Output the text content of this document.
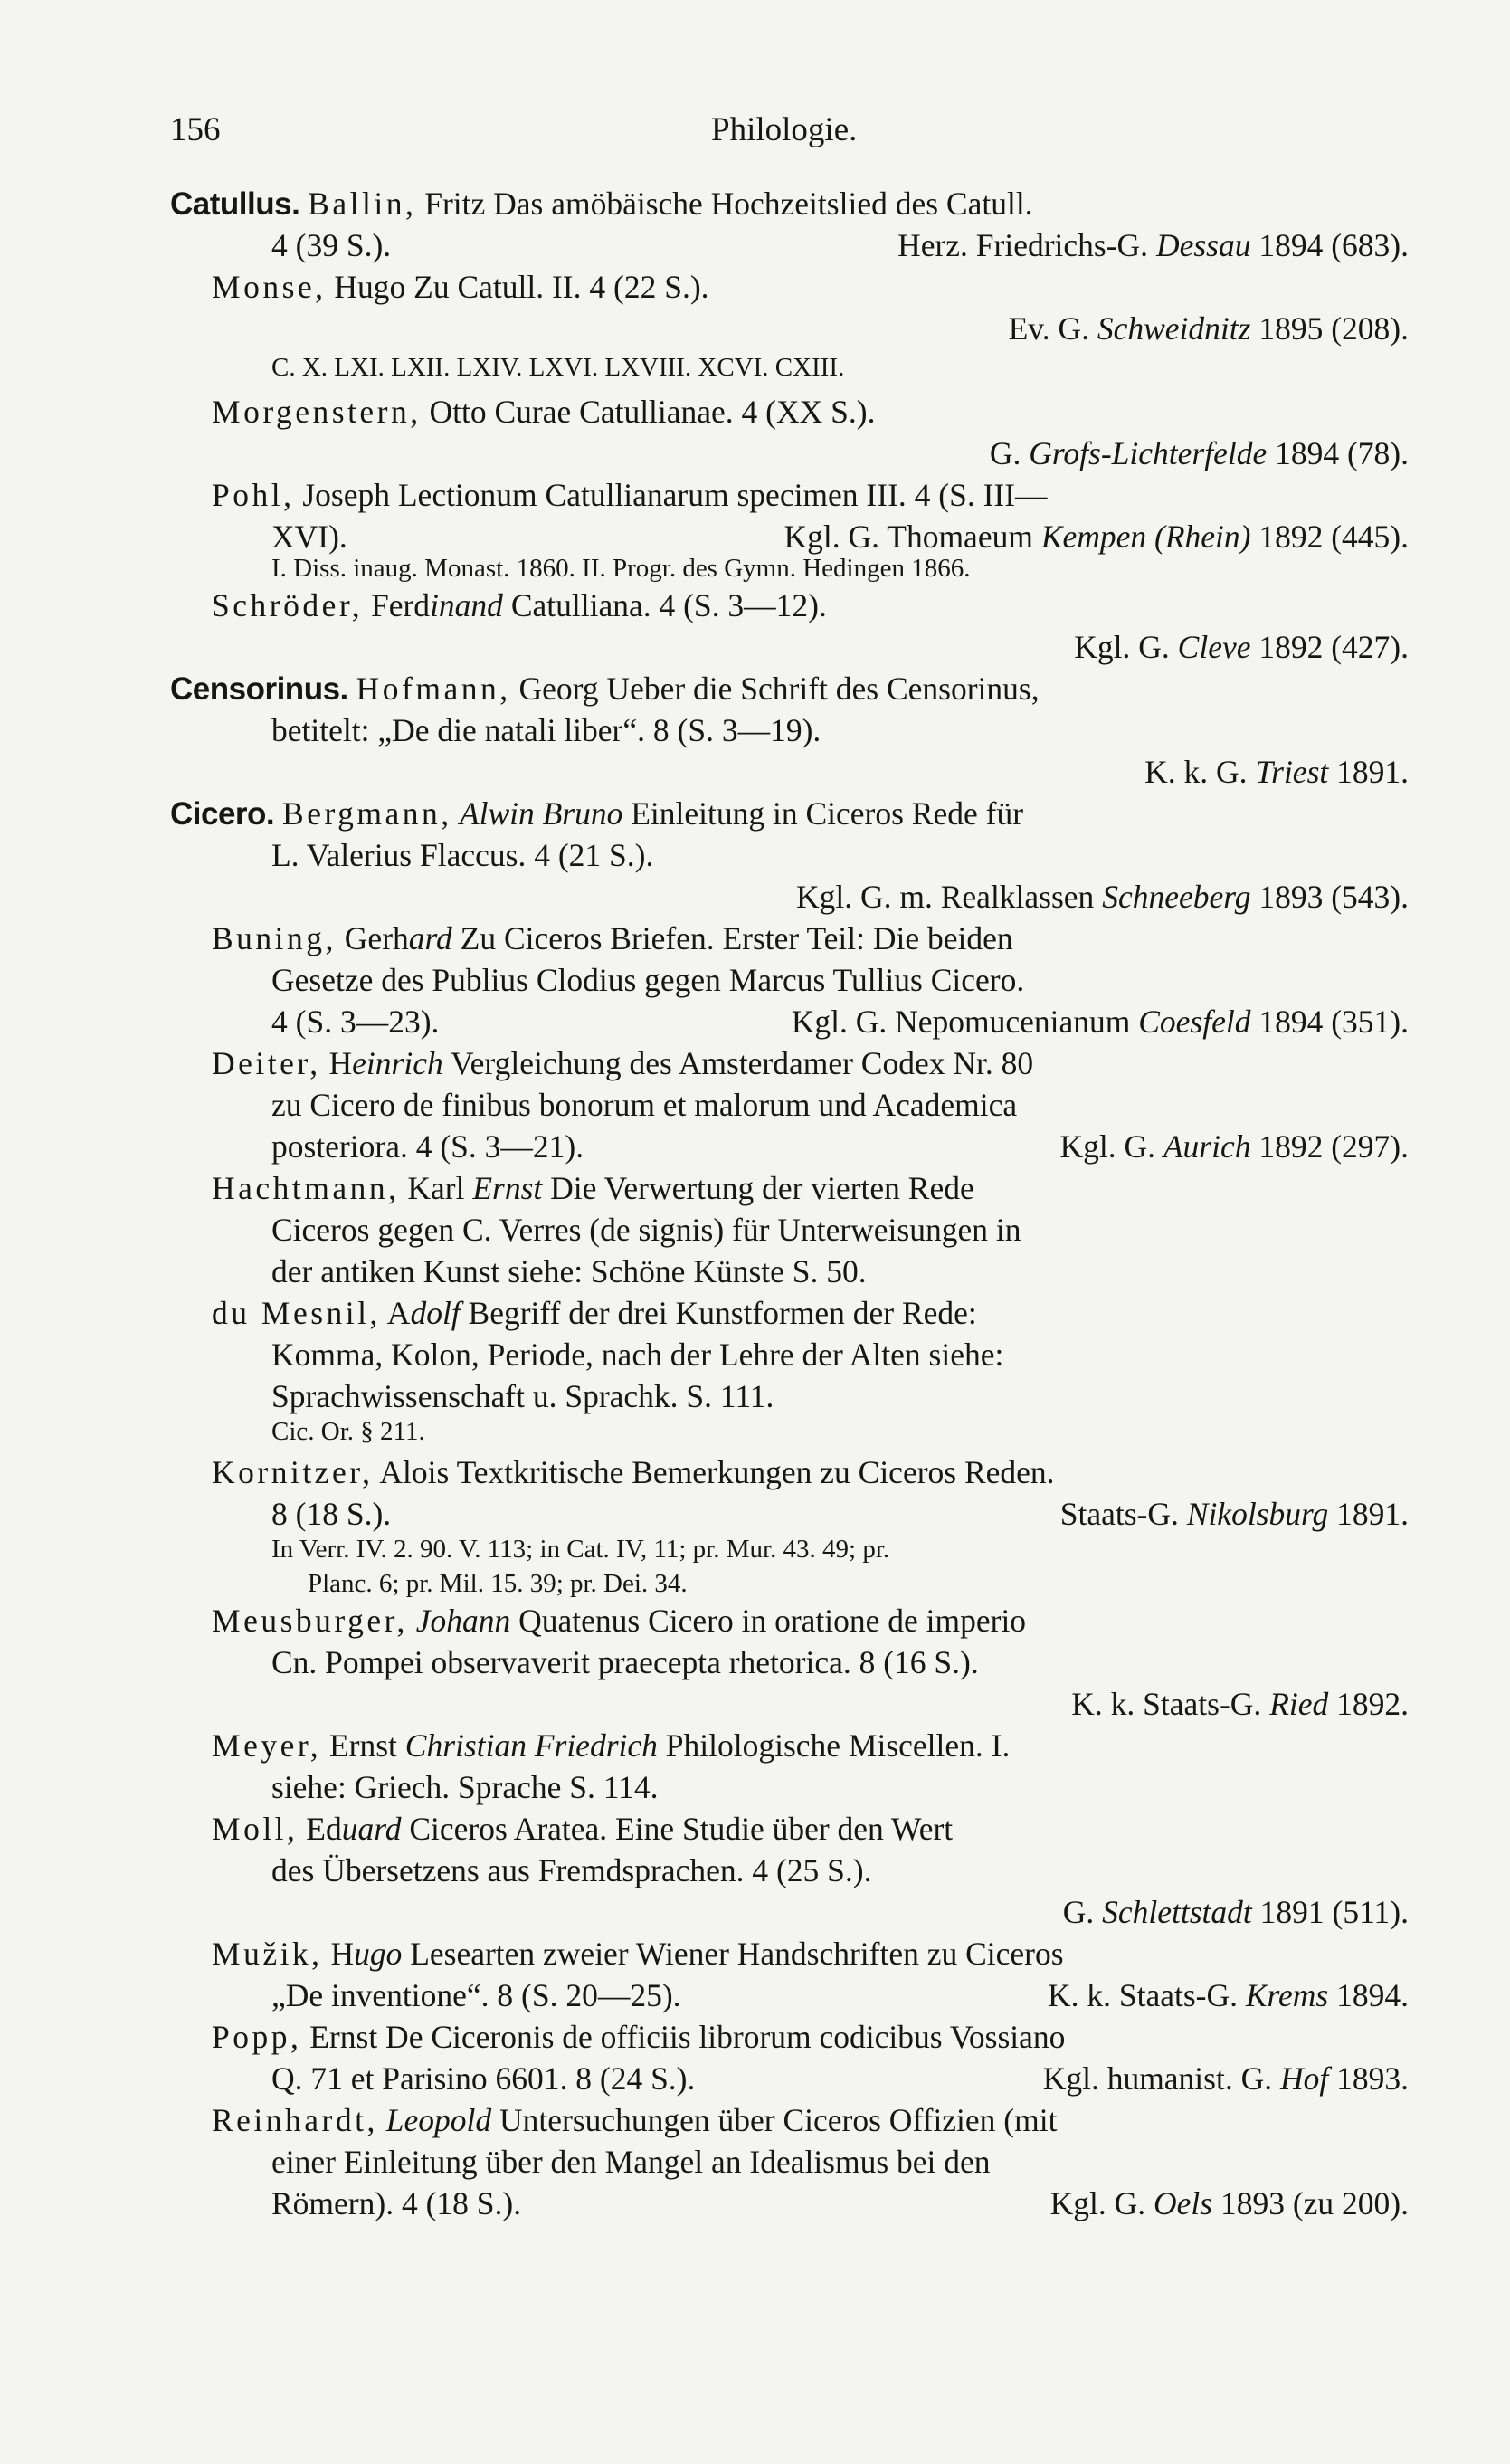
156	Philologie.
Catullus. Ballin, Fritz Das amöbäische Hochzeitslied des Catull.
4 (39 S.).	Herz. Friedrichs-G. Dessau 1894 (683).
Monse, Hugo Zu Catull. II. 4 (22 S.).
Ev. G. Schweidnitz 1895 (208).
C. X. LXI. LXII. LXIV. LXVI. LXVIII. XCVI. CXIII.
Morgenstern, Otto Curae Catullianae. 4 (XX S.).
G. Grofs-Lichterfelde 1894 (78).
Pohl, Joseph Lectionum Catullianarum specimen III. 4 (S. III—
XVI).	Kgl. G. Thomaeum Kempen (Rhein) 1892 (445).
I. Diss. inaug. Monast. 1860. II. Progr. des Gymn. Hedingen 1866.
Schröder, Ferdinand Catulliana. 4 (S. 3—12).
Kgl. G. Cleve 1892 (427).
Censorinus. Hofmann, Georg Ueber die Schrift des Censorinus,
betitelt: „De die natali liber“. 8 (S. 3—19).
K. k. G. Triest 1891.
Cicero. Bergmann, Alwin Bruno Einleitung in Ciceros Rede für
L. Valerius Flaccus. 4 (21 S.).
Kgl. G. m. Realklassen Schneeberg 1893 (543).
Buning, Gerhard Zu Ciceros Briefen. Erster Teil: Die beiden
Gesetze des Publius Clodius gegen Marcus Tullius Cicero.
4 (S. 3—23).	Kgl. G. Nepomucenianum Coesfeld 1894 (351).
Deiter, Heinrich Vergleichung des Amsterdamer Codex Nr. 80
zu Cicero de finibus bonorum et malorum und Academica
posteriora. 4 (S. 3—21).	Kgl. G. Aurich 1892 (297).
Hachtmann, Karl Ernst Die Verwertung der vierten Rede
Ciceros gegen C. Verres (de signis) für Unterweisungen in
der antiken Kunst siehe: Schöne Künste S. 50.
du Mesnil, Adolf Begriff der drei Kunstformen der Rede:
Komma, Kolon, Periode, nach der Lehre der Alten siehe:
Sprachwissenschaft u. Sprachk. S. 111.
Cic. Or. § 211.
Kornitzer, Alois Textkritische Bemerkungen zu Ciceros Reden.
8 (18 S.).	Staats-G. Nikolsburg 1891.
In Verr. IV. 2. 90. V. 113; in Cat. IV, 11; pr. Mur. 43. 49; pr.
Planc. 6; pr. Mil. 15. 39; pr. Dei. 34.
Meusburger, Johann Quatenus Cicero in oratione de imperio
Cn. Pompei observaverit praecepta rhetorica. 8 (16 S.).
K. k. Staats-G. Ried 1892.
Meyer, Ernst Christian Friedrich Philologische Miscellen. I.
siehe: Griech. Sprache S. 114.
Moll, Eduard Ciceros Aratea. Eine Studie über den Wert
des Übersetzens aus Fremdsprachen. 4 (25 S.).
G. Schlettstadt 1891 (511).
Mužik, Hugo Lesearten zweier Wiener Handschriften zu Ciceros
„De inventione“. 8 (S. 20—25).	K. k. Staats-G. Krems 1894.
Popp, Ernst De Ciceronis de officiis librorum codicibus Vossiano
Q. 71 et Parisino 6601. 8 (24 S.).	Kgl. humanist. G. Hof 1893.
Reinhardt, Leopold Untersuchungen über Ciceros Offizien (mit
einer Einleitung über den Mangel an Idealismus bei den
Römern). 4 (18 S.).	Kgl. G. Oels 1893 (zu 200).
